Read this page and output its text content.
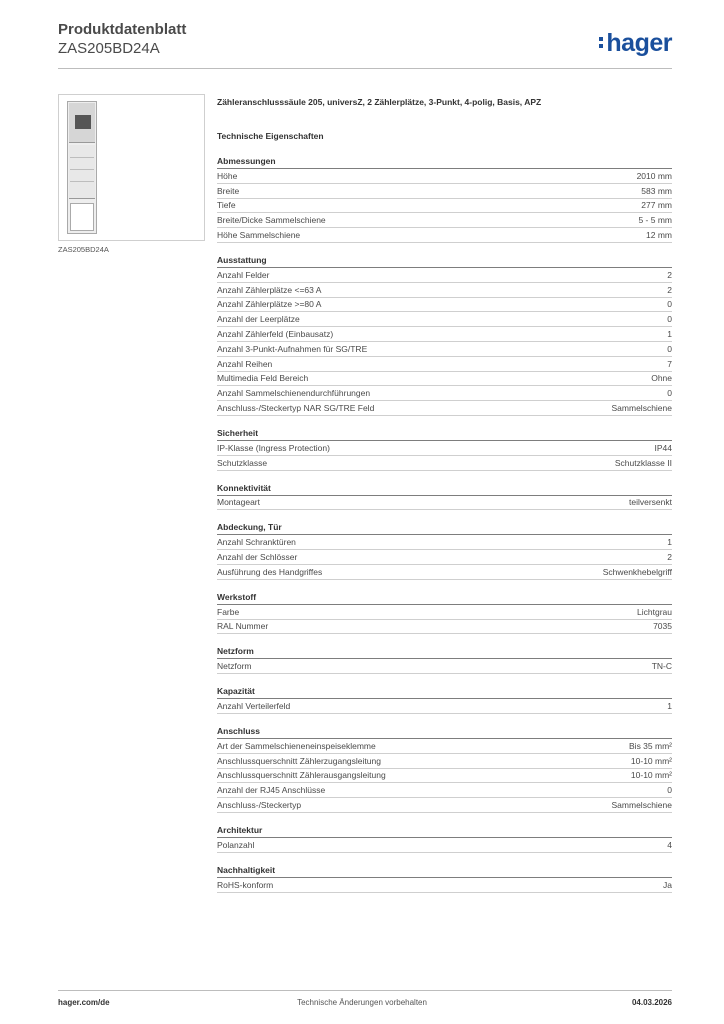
Produktdatenblatt
ZAS205BD24A	hager
ZAS205BD24A
Zähleranschlusssäule 205, universZ, 2 Zählerplätze, 3-Punkt, 4-polig, Basis, APZ
Technische Eigenschaften
Abmessungen
Höhe	2010 mm
Breite	583 mm
Tiefe	277 mm
Breite/Dicke Sammelschiene	5 - 5 mm
Höhe Sammelschiene	12 mm
Ausstattung
Anzahl Felder	2
Anzahl Zählerplätze <=63 A	2
Anzahl Zählerplätze >=80 A	0
Anzahl der Leerplätze	0
Anzahl Zählerfeld (Einbausatz)	1
Anzahl 3-Punkt-Aufnahmen für SG/TRE	0
Anzahl Reihen	7
Multimedia Feld Bereich	Ohne
Anzahl Sammelschienendurchführungen	0
Anschluss-/Steckertyp NAR SG/TRE Feld	Sammelschiene
Sicherheit
IP-Klasse (Ingress Protection)	IP44
Schutzklasse	Schutzklasse II
Konnektivität
Montageart	teilversenkt
Abdeckung, Tür
Anzahl Schranktüren	1
Anzahl der Schlösser	2
Ausführung des Handgriffes	Schwenkhebelgriff
Werkstoff
Farbe	Lichtgrau
RAL Nummer	7035
Netzform
Netzform	TN-C
Kapazität
Anzahl Verteilerfeld	1
Anschluss
Art der Sammelschieneneinspeiseklemme	Bis 35 mm²
Anschlussquerschnitt Zählerzugangsleitung	10-10 mm²
Anschlussquerschnitt Zählerausgangsleitung	10-10 mm²
Anzahl der RJ45 Anschlüsse	0
Anschluss-/Steckertyp	Sammelschiene
Architektur
Polanzahl	4
Nachhaltigkeit
RoHS-konform	Ja
Technische Änderungen vorbehalten
hager.com/de	04.03.2026
